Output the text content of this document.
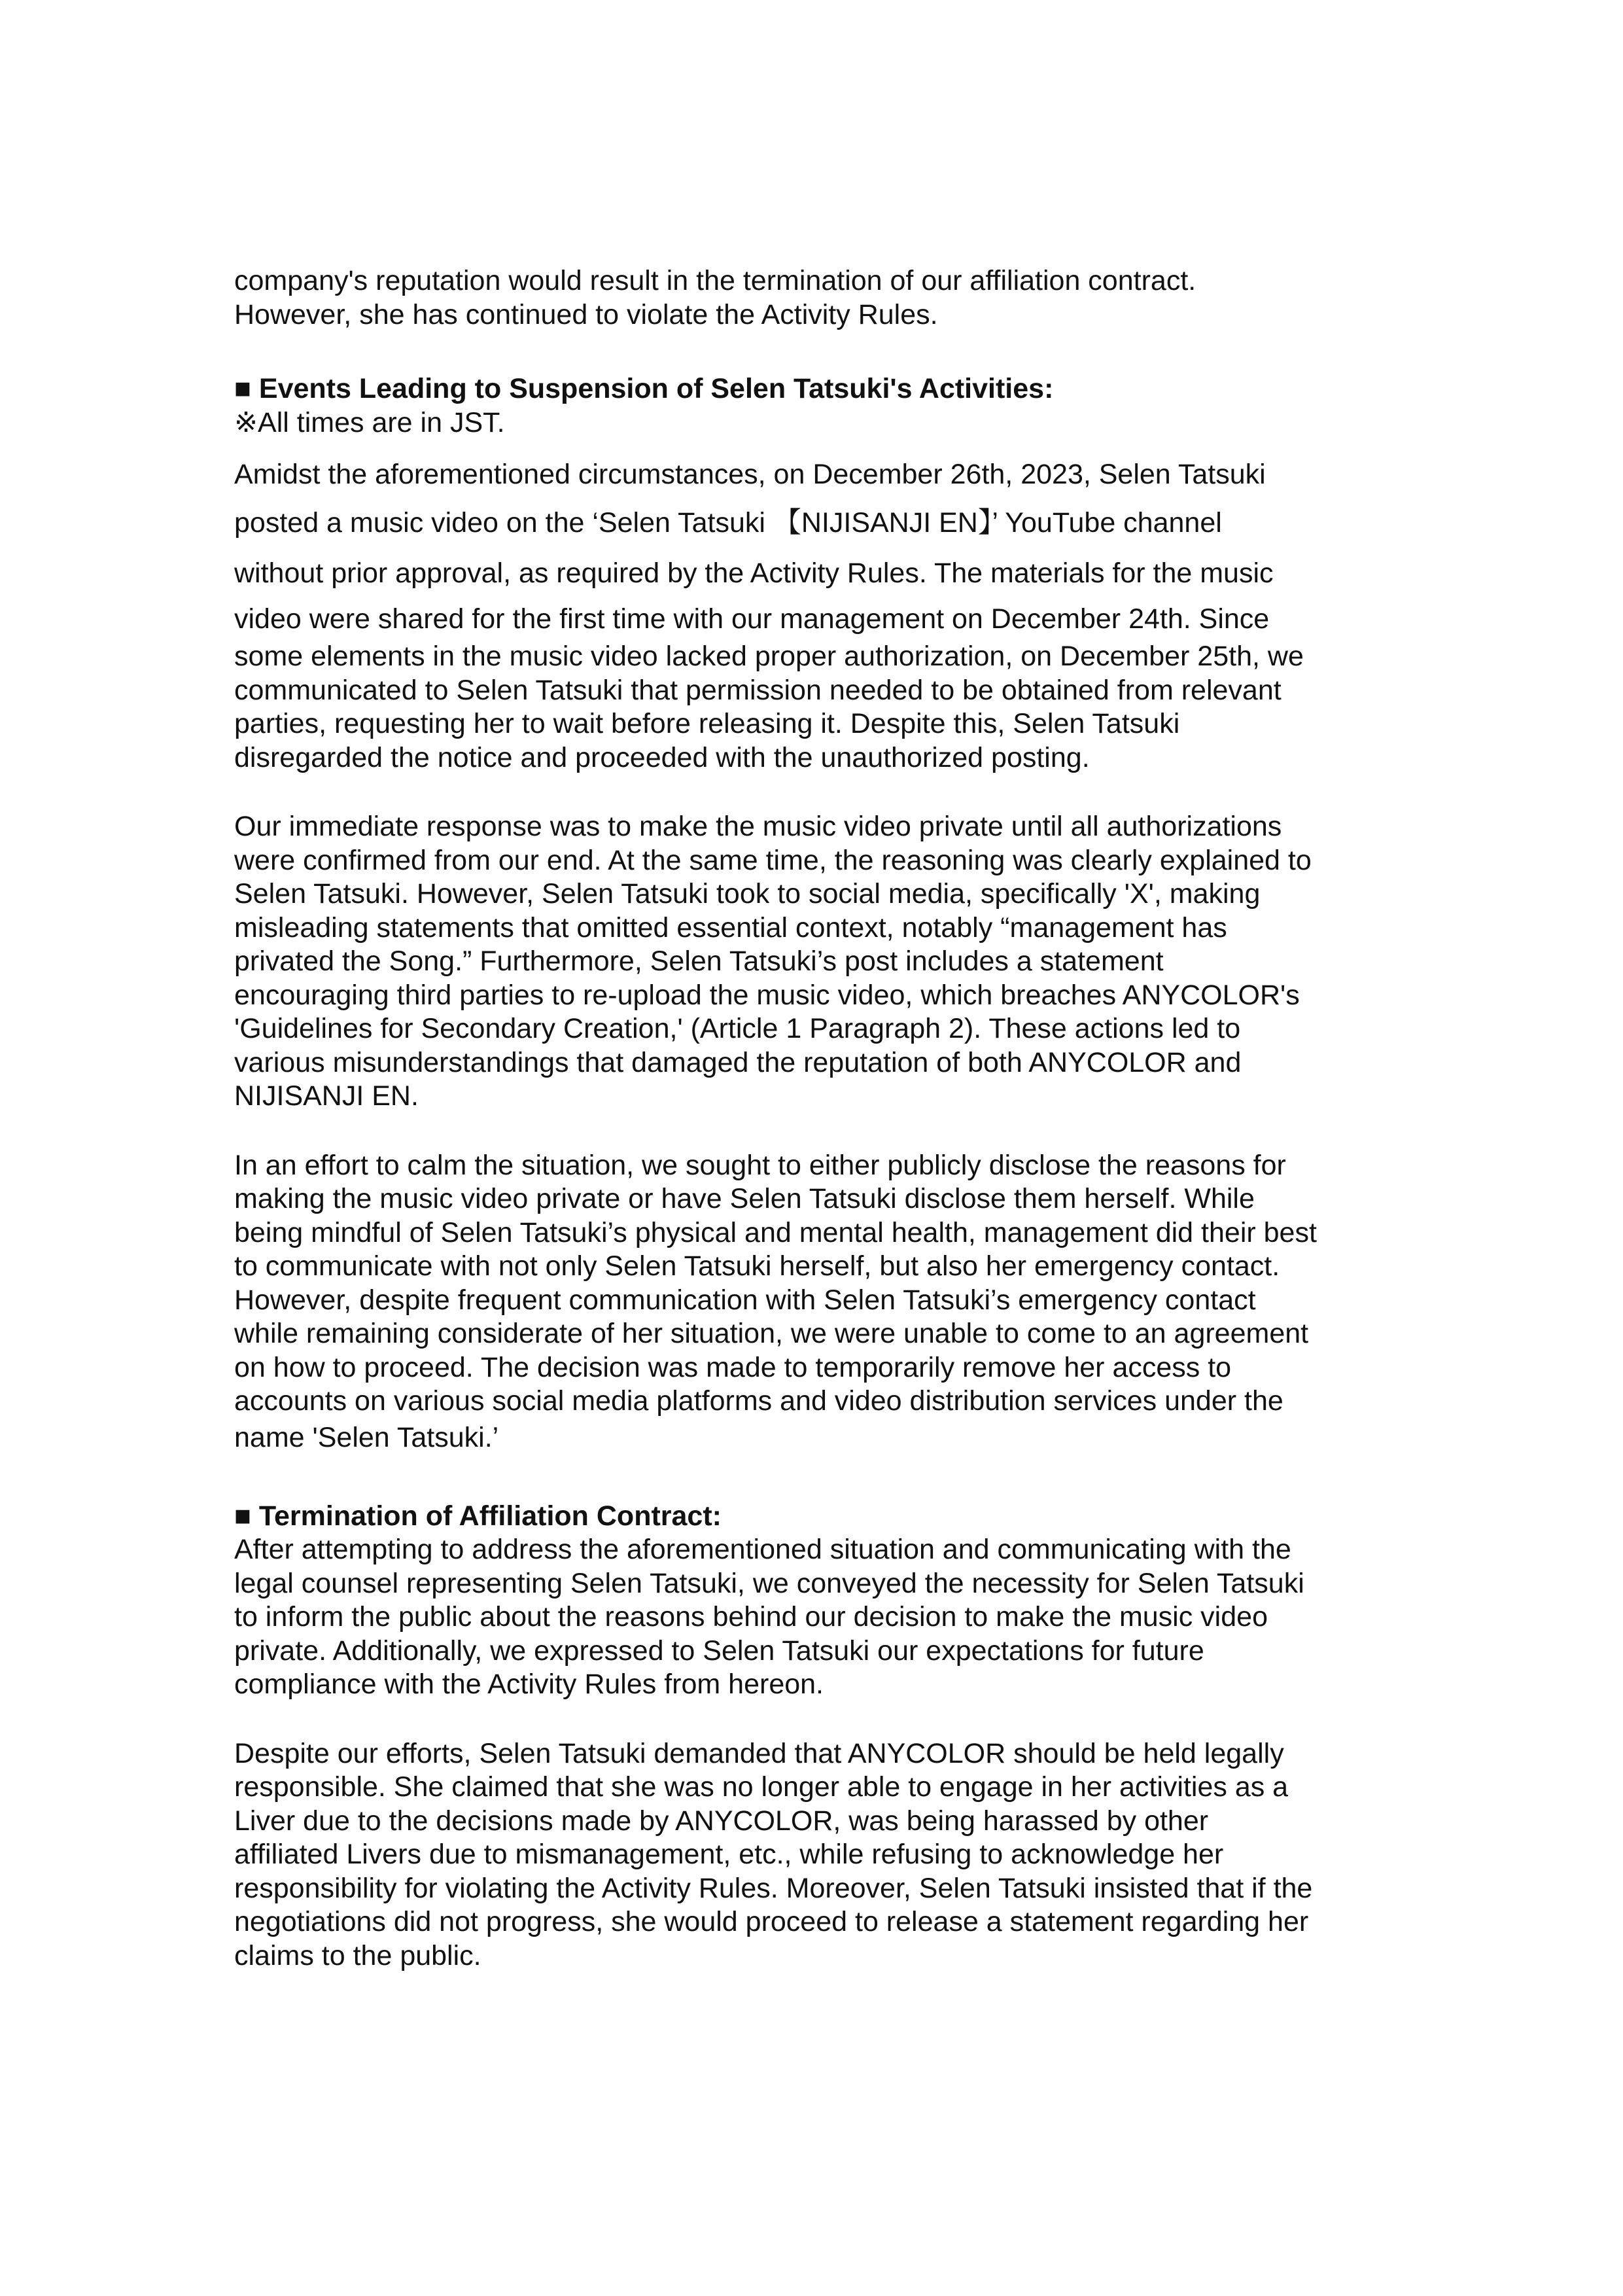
company's reputation would result in the termination of our affiliation contract.
However, she has continued to violate the Activity Rules.
■ Events Leading to Suspension of Selen Tatsuki's Activities:
※All times are in JST.
Amidst the aforementioned circumstances, on December 26th, 2023, Selen Tatsuki
posted a music video on the ‘Selen Tatsuki 【NIJISANJI EN】’ YouTube channel
without prior approval, as required by the Activity Rules. The materials for the music
video were shared for the first time with our management on December 24th. Since
some elements in the music video lacked proper authorization, on December 25th, we
communicated to Selen Tatsuki that permission needed to be obtained from relevant
parties, requesting her to wait before releasing it. Despite this, Selen Tatsuki
disregarded the notice and proceeded with the unauthorized posting.
Our immediate response was to make the music video private until all authorizations
were confirmed from our end. At the same time, the reasoning was clearly explained to
Selen Tatsuki. However, Selen Tatsuki took to social media, specifically 'X', making
misleading statements that omitted essential context, notably “management has
privated the Song.” Furthermore, Selen Tatsuki’s post includes a statement
encouraging third parties to re-upload the music video, which breaches ANYCOLOR's
'Guidelines for Secondary Creation,' (Article 1 Paragraph 2). These actions led to
various misunderstandings that damaged the reputation of both ANYCOLOR and
NIJISANJI EN.
In an effort to calm the situation, we sought to either publicly disclose the reasons for
making the music video private or have Selen Tatsuki disclose them herself. While
being mindful of Selen Tatsuki’s physical and mental health, management did their best
to communicate with not only Selen Tatsuki herself, but also her emergency contact.
However, despite frequent communication with Selen Tatsuki’s emergency contact
while remaining considerate of her situation, we were unable to come to an agreement
on how to proceed. The decision was made to temporarily remove her access to
accounts on various social media platforms and video distribution services under the
name 'Selen Tatsuki.’
■ Termination of Affiliation Contract:
After attempting to address the aforementioned situation and communicating with the
legal counsel representing Selen Tatsuki, we conveyed the necessity for Selen Tatsuki
to inform the public about the reasons behind our decision to make the music video
private. Additionally, we expressed to Selen Tatsuki our expectations for future
compliance with the Activity Rules from hereon.
Despite our efforts, Selen Tatsuki demanded that ANYCOLOR should be held legally
responsible. She claimed that she was no longer able to engage in her activities as a
Liver due to the decisions made by ANYCOLOR, was being harassed by other
affiliated Livers due to mismanagement, etc., while refusing to acknowledge her
responsibility for violating the Activity Rules. Moreover, Selen Tatsuki insisted that if the
negotiations did not progress, she would proceed to release a statement regarding her
claims to the public.
